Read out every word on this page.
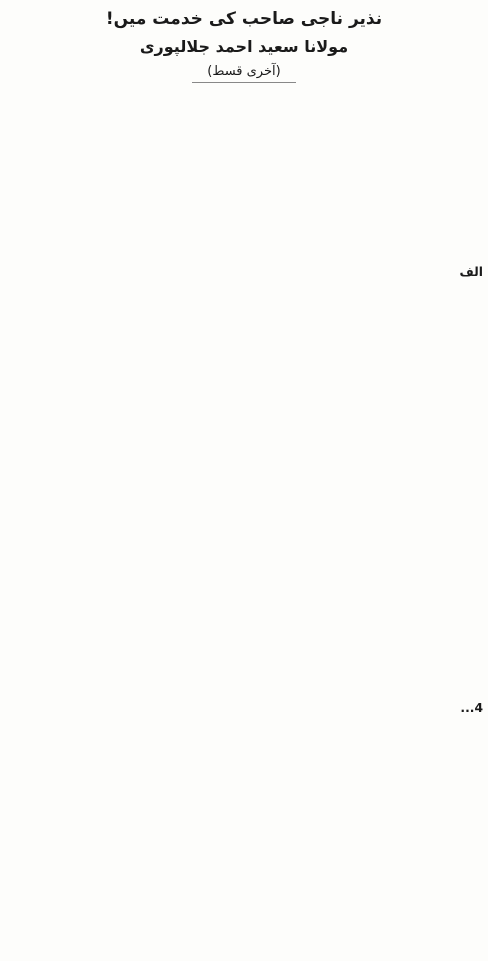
نذیر ناجی صاحب کی خدمت میں!

مولانا سعید احمد جلالپوری

(آخری قسط)

الف

4...
